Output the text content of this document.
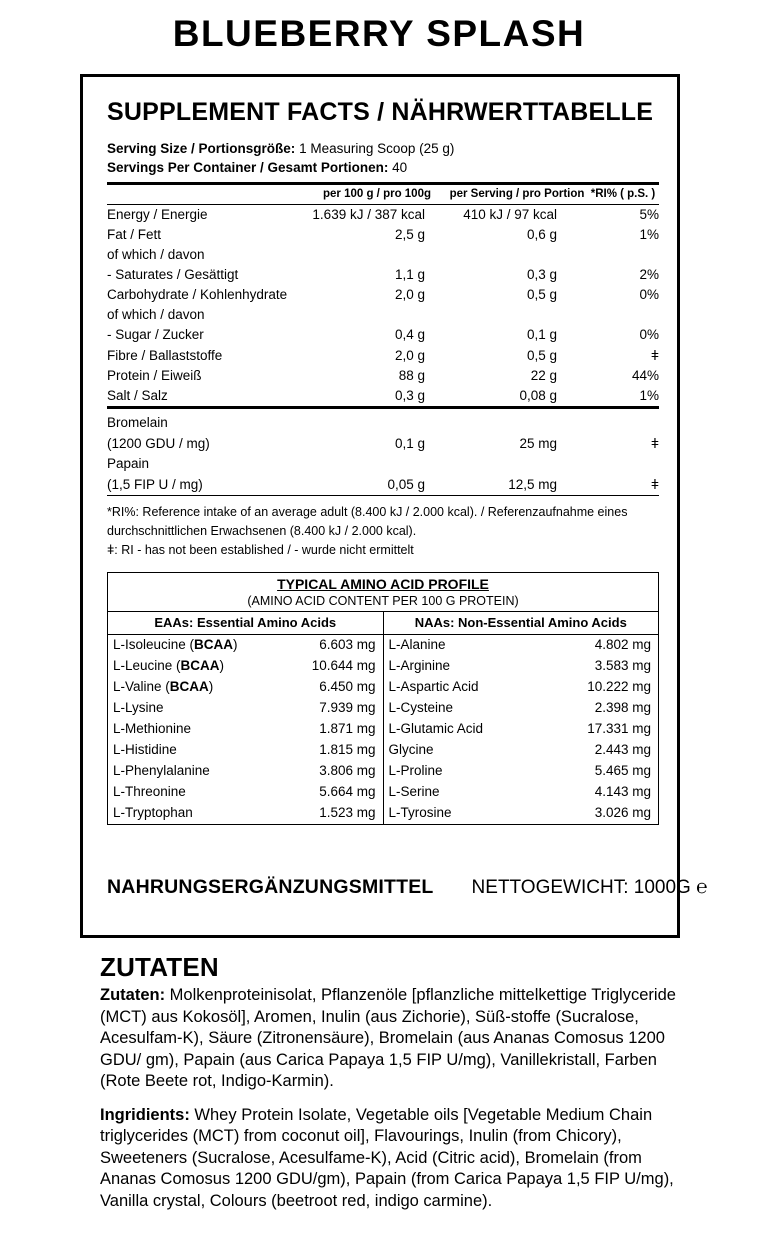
BLUEBERRY SPLASH
SUPPLEMENT FACTS / NÄHRWERTTABELLE
Serving Size / Portionsgröße: 1 Measuring Scoop (25 g)
Servings Per Container / Gesamt Portionen: 40
	per 100 g / pro 100g	per Serving / pro Portion	*RI% ( p.S. )
Energy / Energie	1.639 kJ / 387 kcal	410 kJ / 97 kcal	5%
Fat / Fett	2,5 g	0,6 g	1%
of which / davon			
- Saturates / Gesättigt	1,1 g	0,3 g	2%
Carbohydrate / Kohlenhydrate	2,0 g	0,5 g	0%
of which / davon			
- Sugar / Zucker	0,4 g	0,1 g	0%
Fibre / Ballaststoffe	2,0 g	0,5 g	ǂ
Protein / Eiweiß	88 g	22 g	44%
Salt / Salz	0,3 g	0,08 g	1%

Bromelain			
(1200 GDU / mg)	0,1 g	25 mg	ǂ
Papain			
(1,5 FIP U / mg)	0,05 g	12,5 mg	ǂ
*RI%: Reference intake of an average adult (8.400 kJ / 2.000 kcal). / Referenzaufnahme eines durchschnittlichen Erwachsenen (8.400 kJ / 2.000 kcal).
ǂ: RI - has not been established / - wurde nicht ermittelt
TYPICAL AMINO ACID PROFILE
(AMINO ACID CONTENT PER 100 G PROTEIN)
EAAs: Essential Amino Acids	NAAs: Non-Essential Amino Acids

L-Isoleucine (BCAA)	6.603 mg
L-Leucine (BCAA)	10.644 mg
L-Valine (BCAA)	6.450 mg
L-Lysine	7.939 mg
L-Methionine	1.871 mg
L-Histidine	1.815 mg
L-Phenylalanine	3.806 mg
L-Threonine	5.664 mg
L-Tryptophan	1.523 mg

L-Alanine	4.802 mg
L-Arginine	3.583 mg
L-Aspartic Acid	10.222 mg
L-Cysteine	2.398 mg
L-Glutamic Acid	17.331 mg
Glycine	2.443 mg
L-Proline	5.465 mg
L-Serine	4.143 mg
L-Tyrosine	3.026 mg
NAHRUNGSERGÄNZUNGSMITTEL NETTOGEWICHT: 1000G ℮
ZUTATEN
Zutaten: Molkenproteinisolat, Pflanzenöle [pflanzliche mittelkettige Triglyceride (MCT) aus Kokosöl], Aromen, Inulin (aus Zichorie), Süß-stoffe (Sucralose, Acesulfam-K), Säure (Zitronensäure), Bromelain (aus Ananas Comosus 1200 GDU/ gm), Papain (aus Carica Papaya 1,5 FIP U/mg), Vanillekristall, Farben (Rote Beete rot, Indigo-Karmin).
Ingridients: Whey Protein Isolate, Vegetable oils [Vegetable Medium Chain triglycerides (MCT) from coconut oil], Flavourings, Inulin (from Chicory), Sweeteners (Sucralose, Acesulfame-K), Acid (Citric acid), Bromelain (from Ananas Comosus 1200 GDU/gm), Papain (from Carica Papaya 1,5 FIP U/mg), Vanilla crystal, Colours (beetroot red, indigo carmine).
